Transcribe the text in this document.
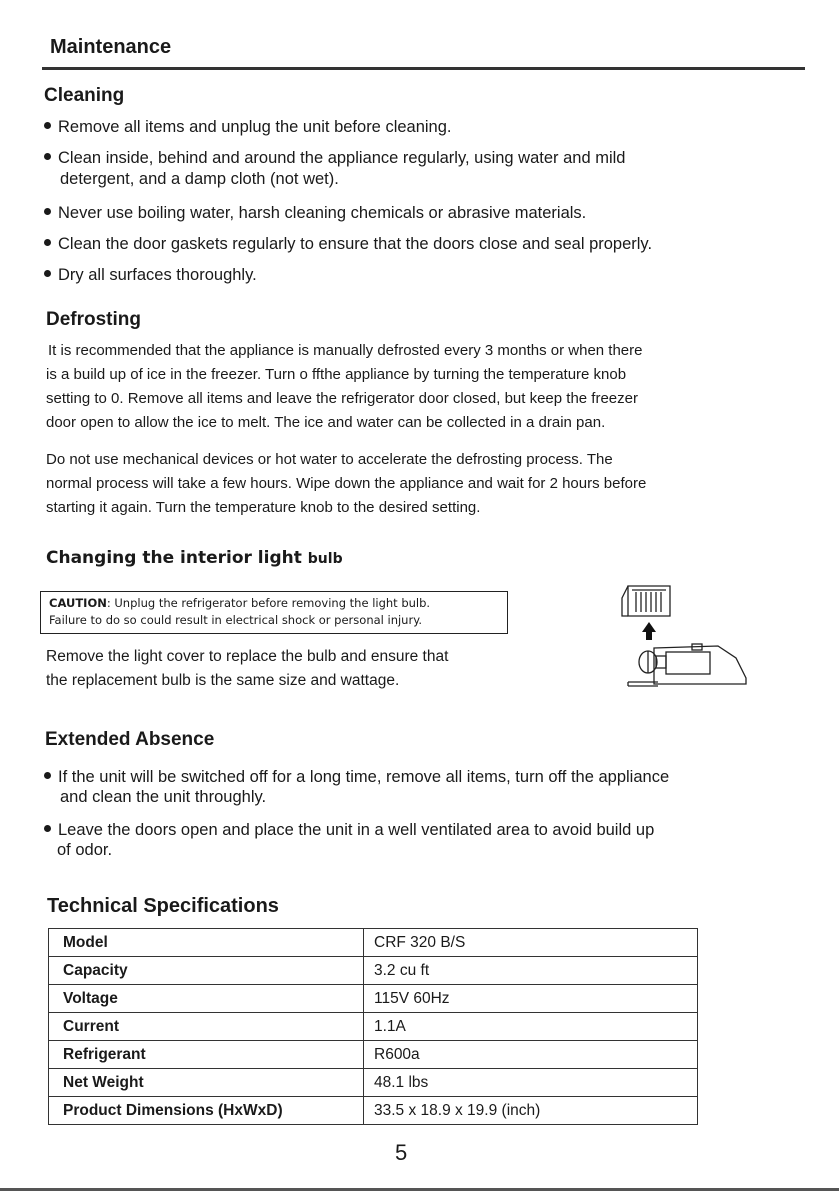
Maintenance
Cleaning
Remove all items and unplug the unit before cleaning.
Clean inside, behind and around the appliance regularly, using water and mild
detergent, and a damp cloth (not wet).
Never use boiling water, harsh cleaning chemicals or abrasive materials.
Clean the door gaskets regularly to ensure that the doors close and seal properly.
Dry all surfaces thoroughly.
Defrosting
It is recommended that the appliance is manually defrosted every 3 months or when there
is a build up of ice in the freezer. Turn o ffthe appliance by turning the temperature knob
setting to 0. Remove all items and leave the refrigerator door closed, but keep the freezer
door open to allow the ice to melt. The ice and water can be collected in a drain pan.
Do not use mechanical devices or hot water to accelerate the defrosting process. The
normal process will take a few hours. Wipe down the appliance and wait for 2 hours before
starting it again. Turn the temperature knob to the desired setting.
Changing the interior light bulb
CAUTION: Unplug the refrigerator before removing the light bulb.
Failure to do so could result in electrical shock or personal injury.
Remove the light cover to replace the bulb and ensure that
the replacement bulb is the same size and wattage.
Extended Absence
If the unit will be switched off for a long time, remove all items, turn off the appliance
and clean the unit throughly.
Leave the doors open and place the unit in a well ventilated area to avoid build up
of odor.
Technical Specifications
Model	CRF 320 B/S
Capacity	3.2 cu ft
Voltage	115V 60Hz
Current	1.1A
Refrigerant	R600a
Net Weight	48.1 lbs
Product Dimensions (HxWxD)	33.5 x 18.9 x 19.9 (inch)
5
